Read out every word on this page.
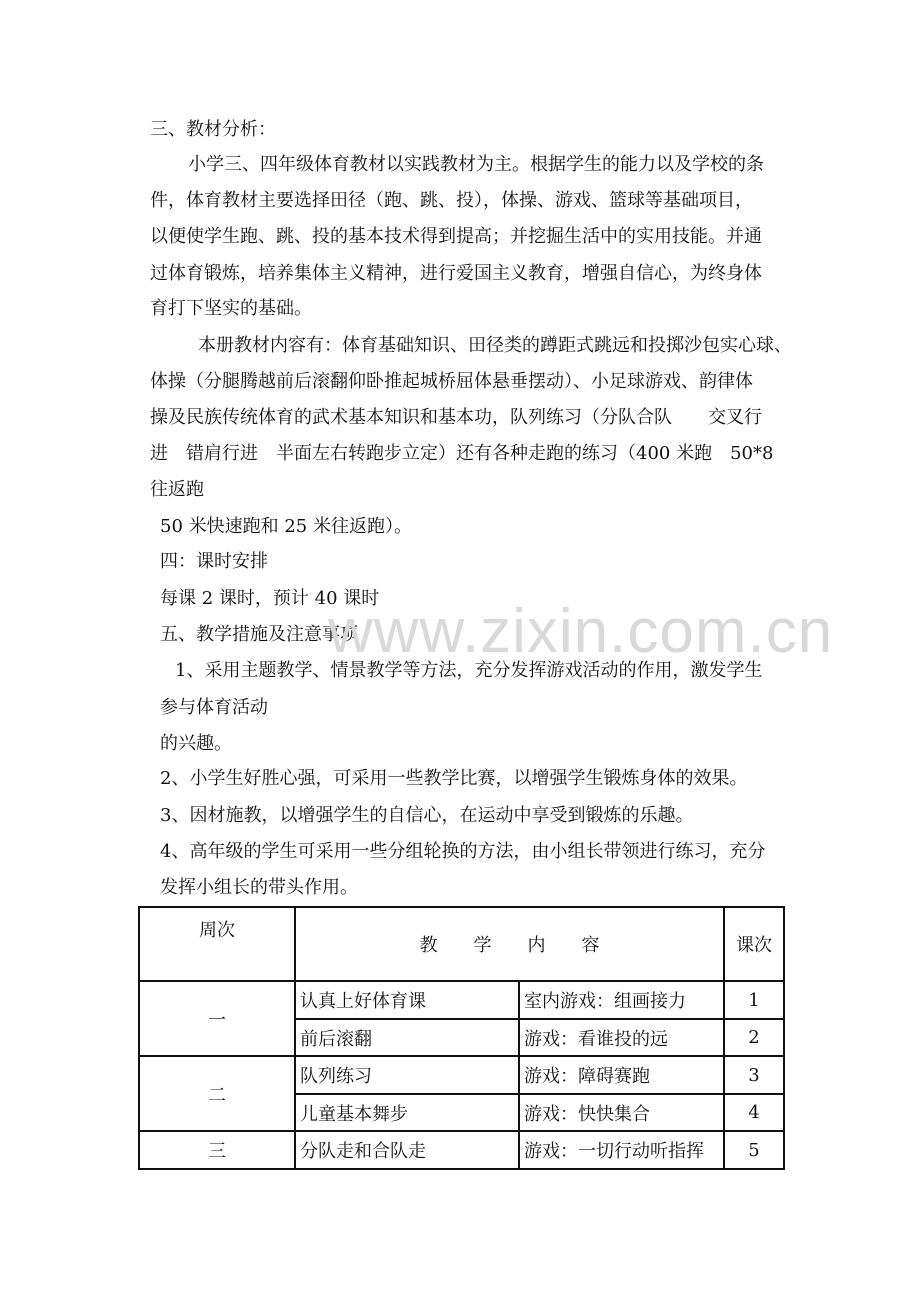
三、教材分析：
小学三、四年级体育教材以实践教材为主。根据学生的能力以及学校的条
件，体育教材主要选择田径（跑、跳、投），体操、游戏、篮球等基础项目，
以便使学生跑、跳、投的基本技术得到提高；并挖掘生活中的实用技能。并通
过体育锻炼，培养集体主义精神，进行爱国主义教育，增强自信心，为终身体
育打下坚实的基础。
本册教材内容有：体育基础知识、田径类的蹲距式跳远和投掷沙包实心球、
体操（分腿腾越前后滚翻仰卧推起城桥屈体悬垂摆动）、小足球游戏、韵律体
操及民族传统体育的武术基本知识和基本功，队列练习（分队合队　　交叉行
进　错肩行进　半面左右转跑步立定）还有各种走跑的练习（400 米跑　50*8
往返跑
50 米快速跑和 25 米往返跑）。
四：课时安排
每课 2 课时，预计 40 课时
五、教学措施及注意事项
1、采用主题教学、情景教学等方法，充分发挥游戏活动的作用，激发学生
参与体育活动
的兴趣。
2、小学生好胜心强，可采用一些教学比赛，以增强学生锻炼身体的效果。
3、因材施教，以增强学生的自信心，在运动中享受到锻炼的乐趣。
4、高年级的学生可采用一些分组轮换的方法，由小组长带领进行练习，充分
发挥小组长的带头作用。
www.zixin.com.cn
周次	教　　学　　内　　容		课次
一	认真上好体育课	室内游戏：组画接力	1
	前后滚翻	游戏：看谁投的远	2
二	队列练习	游戏：障碍赛跑	3
	儿童基本舞步	游戏：快快集合	4
三	分队走和合队走	游戏：一切行动听指挥	5
